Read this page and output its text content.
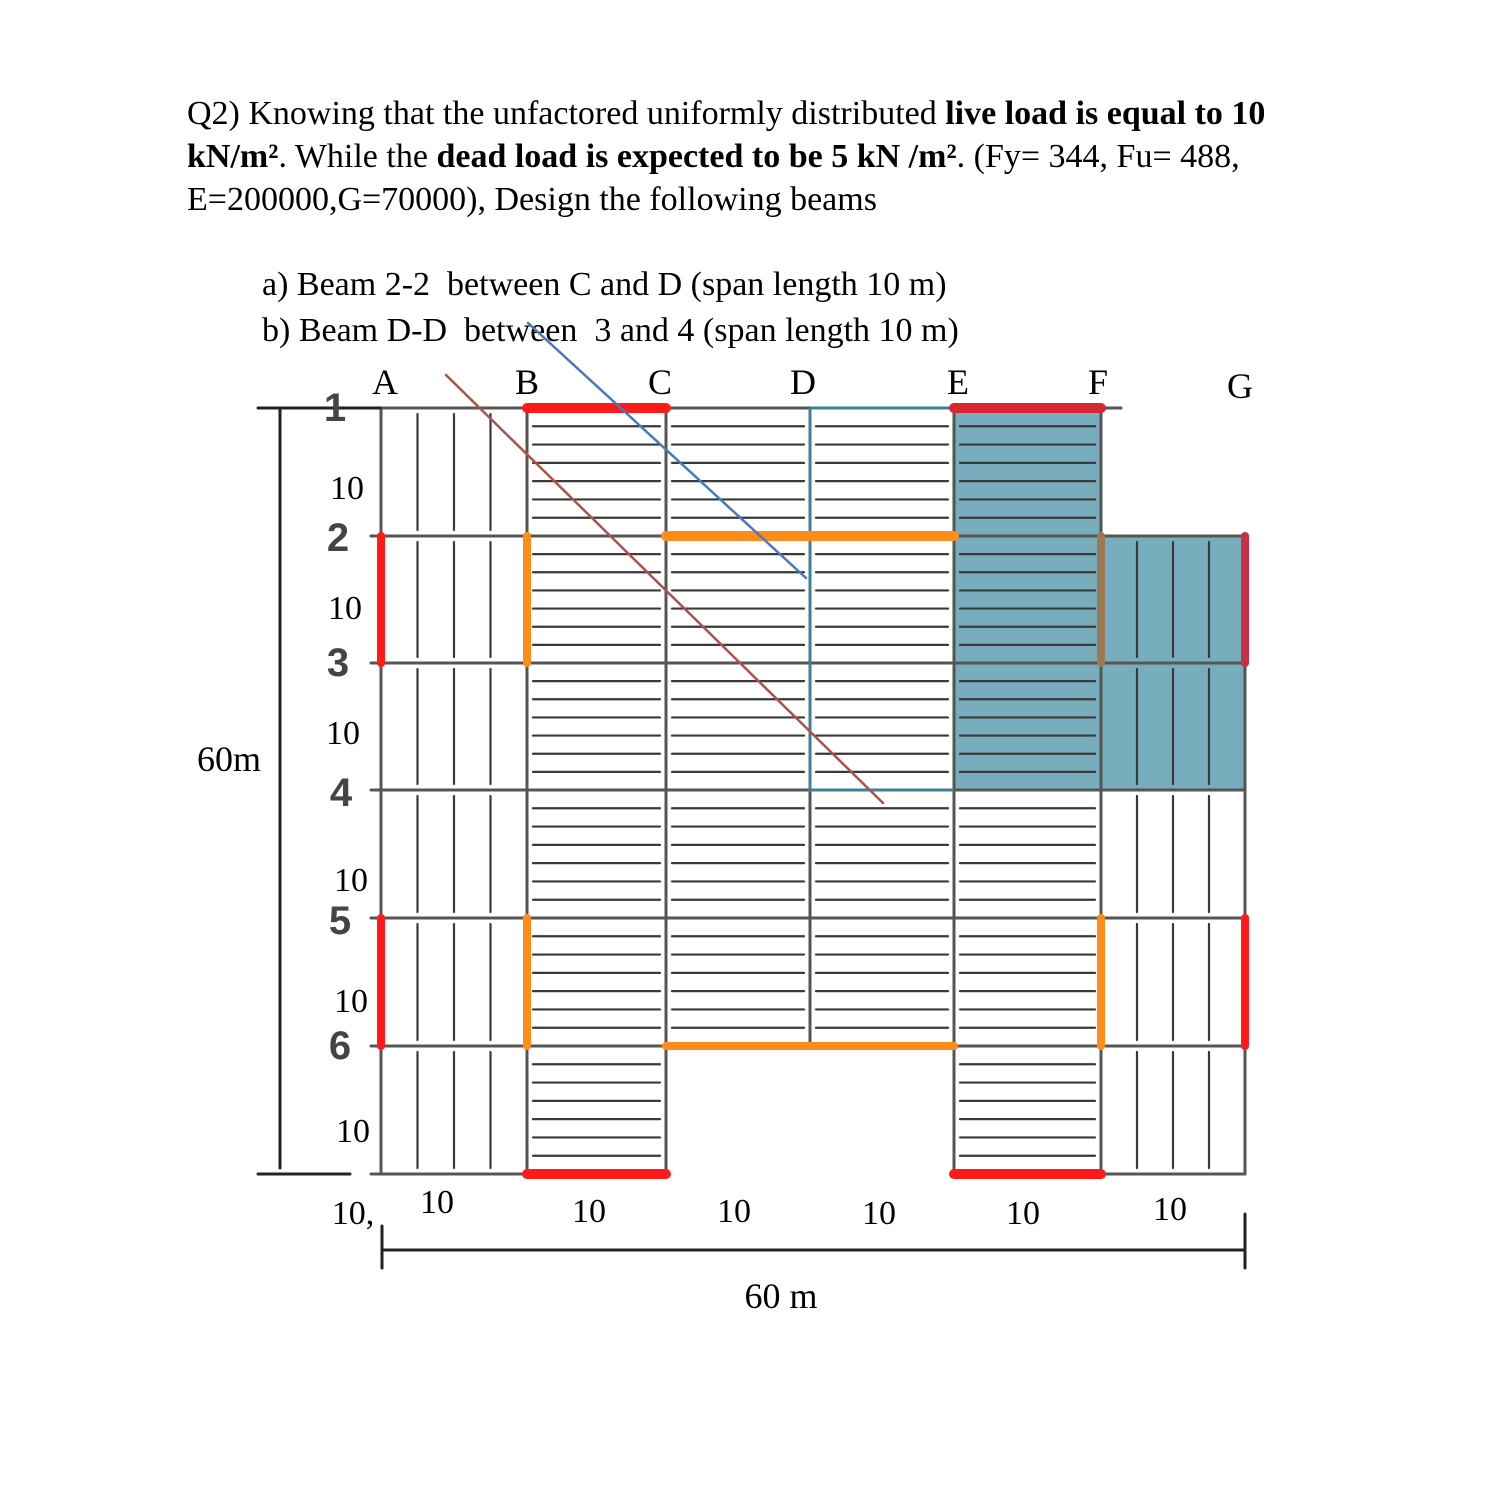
Q2) Knowing that the unfactored uniformly distributed live load is equal to 10 kN/m². While the dead load is expected to be 5 kN /m². (Fy= 344, Fu= 488, E=200000,G=70000), Design the following beams

a) Beam 2-2  between C and D (span length 10 m)
b) Beam D-D  between  3 and 4 (span length 10 m)
A	B	C	D	E	F	G
1
2
3
4
5
6
10
10
10
10
10
10
10	10	10	10	10	10
10,
60m
60 m
